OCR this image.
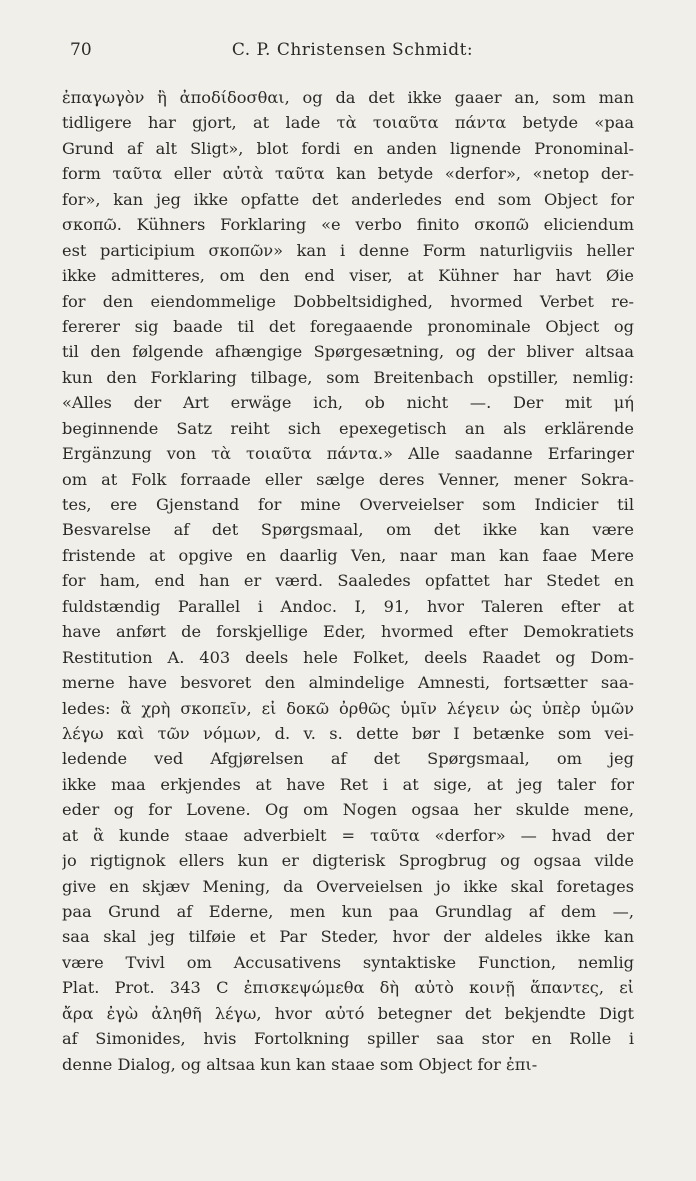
70	C. P. Christensen Schmidt:
ἐπαγωγὸν ἢ ἀποδίδοσθαι, og da det ikke gaaer an, som man
tidligere har gjort, at lade τὰ τοιαῦτα πάντα betyde «paa
Grund af alt Sligt», blot fordi en anden lignende Pronominal-
form ταῦτα eller αὐτὰ ταῦτα kan betyde «derfor», «netop der-
for», kan jeg ikke opfatte det anderledes end som Object for
σκοπῶ. Kühners Forklaring «e verbo finito σκοπῶ eliciendum
est participium σκοπῶν» kan i denne Form naturligviis heller
ikke admitteres, om den end viser, at Kühner har havt Øie
for den eiendommelige Dobbeltsidighed, hvormed Verbet re-
fererer sig baade til det foregaaende pronominale Object og
til den følgende afhængige Spørgesætning, og der bliver altsaa
kun den Forklaring tilbage, som Breitenbach opstiller, nemlig:
«Alles der Art erwäge ich, ob nicht —. Der mit μή
beginnende Satz reiht sich epexegetisch an als erklärende
Ergänzung von τὰ τοιαῦτα πάντα.» Alle saadanne Erfaringer
om at Folk forraade eller sælge deres Venner, mener Sokra-
tes, ere Gjenstand for mine Overveielser som Indicier til
Besvarelse af det Spørgsmaal, om det ikke kan være
fristende at opgive en daarlig Ven, naar man kan faae Mere
for ham, end han er værd. Saaledes opfattet har Stedet en
fuldstændig Parallel i Andoc. I, 91, hvor Taleren efter at
have anført de forskjellige Eder, hvormed efter Demokratiets
Restitution A. 403 deels hele Folket, deels Raadet og Dom-
merne have besvoret den almindelige Amnesti, fortsætter saa-
ledes: ἃ χρὴ σκοπεῖν, εἰ δοκῶ ὀρθῶς ὑμῖν λέγειν ὡς ὑπὲρ ὑμῶν
λέγω καὶ τῶν νόμων, d. v. s. dette bør I betænke som vei-
ledende ved Afgjørelsen af det Spørgsmaal, om jeg
ikke maa erkjendes at have Ret i at sige, at jeg taler for
eder og for Lovene. Og om Nogen ogsaa her skulde mene,
at ἃ kunde staae adverbielt = ταῦτα «derfor» — hvad der
jo rigtignok ellers kun er digterisk Sprogbrug og ogsaa vilde
give en skjæv Mening, da Overveielsen jo ikke skal foretages
paa Grund af Ederne, men kun paa Grundlag af dem —,
saa skal jeg tilføie et Par Steder, hvor der aldeles ikke kan
være Tvivl om Accusativens syntaktiske Function, nemlig
Plat. Prot. 343 C ἐπισκεψώμεθα δὴ αὐτὸ κοινῇ ἅπαντες, εἰ
ἄρα ἐγὼ ἀληθῆ λέγω, hvor αὐτό betegner det bekjendte Digt
af Simonides, hvis Fortolkning spiller saa stor en Rolle i
denne Dialog, og altsaa kun kan staae som Object for ἐπι-
